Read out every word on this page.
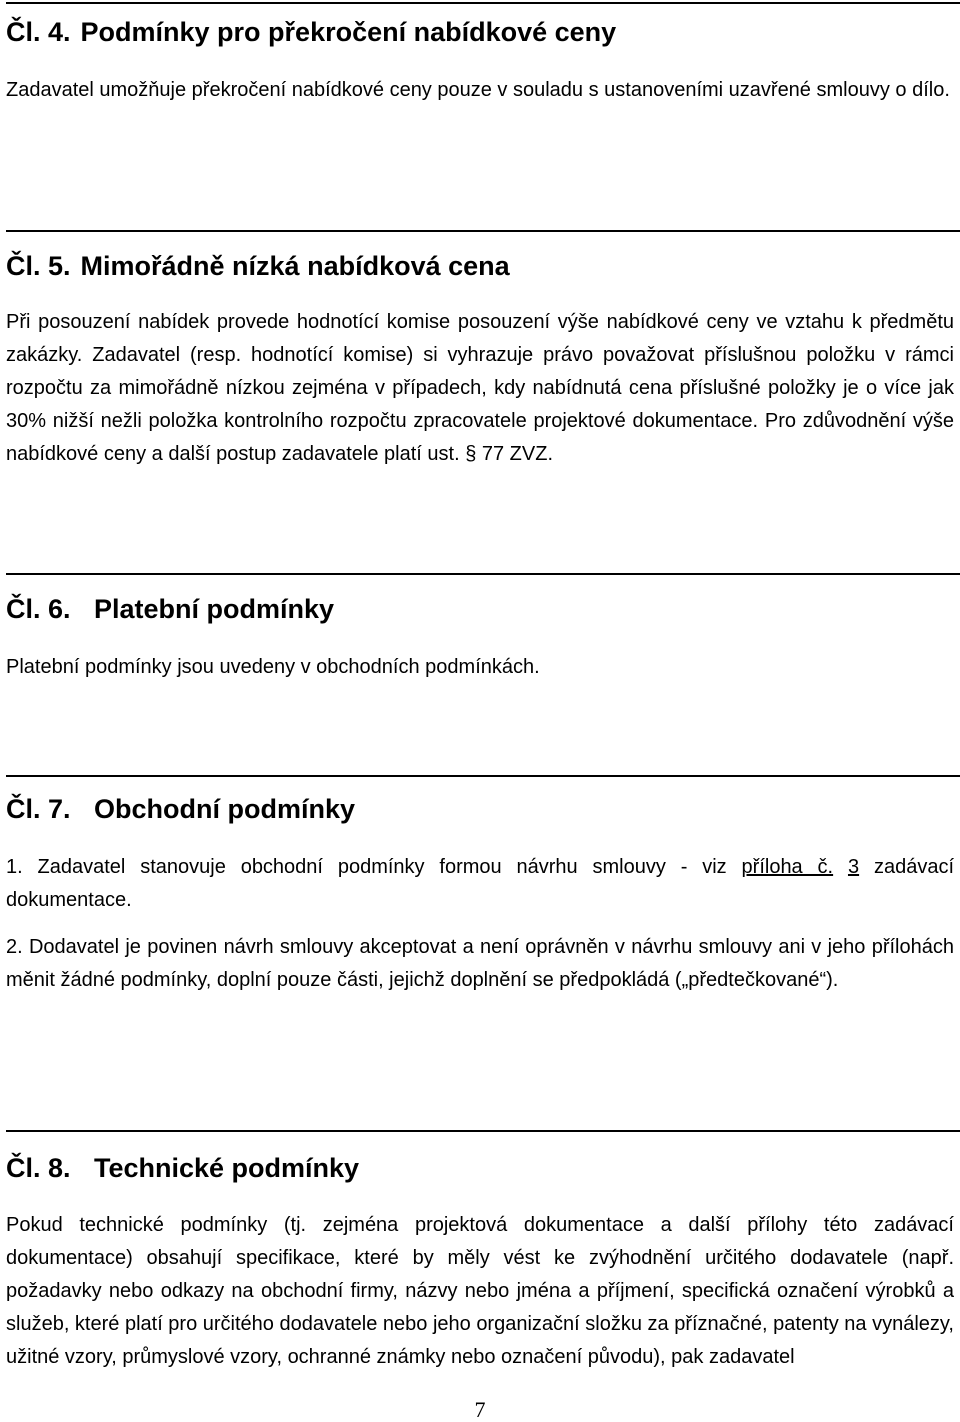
Čl. 4. Podmínky pro překročení nabídkové ceny

Zadavatel umožňuje překročení nabídkové ceny pouze v souladu s ustanoveními uzavřené smlouvy o dílo.

Čl. 5. Mimořádně nízká nabídková cena

Při posouzení nabídek provede hodnotící komise posouzení výše nabídkové ceny ve vztahu k předmětu zakázky. Zadavatel (resp. hodnotící komise) si vyhrazuje právo považovat příslušnou položku v rámci rozpočtu za mimořádně nízkou zejména v případech, kdy nabídnutá cena příslušné položky je o více jak 30% nižší nežli položka kontrolního rozpočtu zpracovatele projektové dokumentace. Pro zdůvodnění výše nabídkové ceny a další postup zadavatele platí ust. § 77 ZVZ.

Čl. 6. Platební podmínky

Platební podmínky jsou uvedeny v obchodních podmínkách.

Čl. 7. Obchodní podmínky

1. Zadavatel stanovuje obchodní podmínky formou návrhu smlouvy - viz příloha č. 3 zadávací dokumentace.

2. Dodavatel je povinen návrh smlouvy akceptovat a není oprávněn v návrhu smlouvy ani v jeho přílohách měnit žádné podmínky, doplní pouze části, jejichž doplnění se předpokládá („předtečkované“).

Čl. 8. Technické podmínky

Pokud technické podmínky (tj. zejména projektová dokumentace a další přílohy této zadávací dokumentace) obsahují specifikace, které by měly vést ke zvýhodnění určitého dodavatele (např. požadavky nebo odkazy na obchodní firmy, názvy nebo jména a příjmení, specifická označení výrobků a služeb, které platí pro určitého dodavatele nebo jeho organizační složku za příznačné, patenty na vynálezy, užitné vzory, průmyslové vzory, ochranné známky nebo označení původu), pak zadavatel

7
